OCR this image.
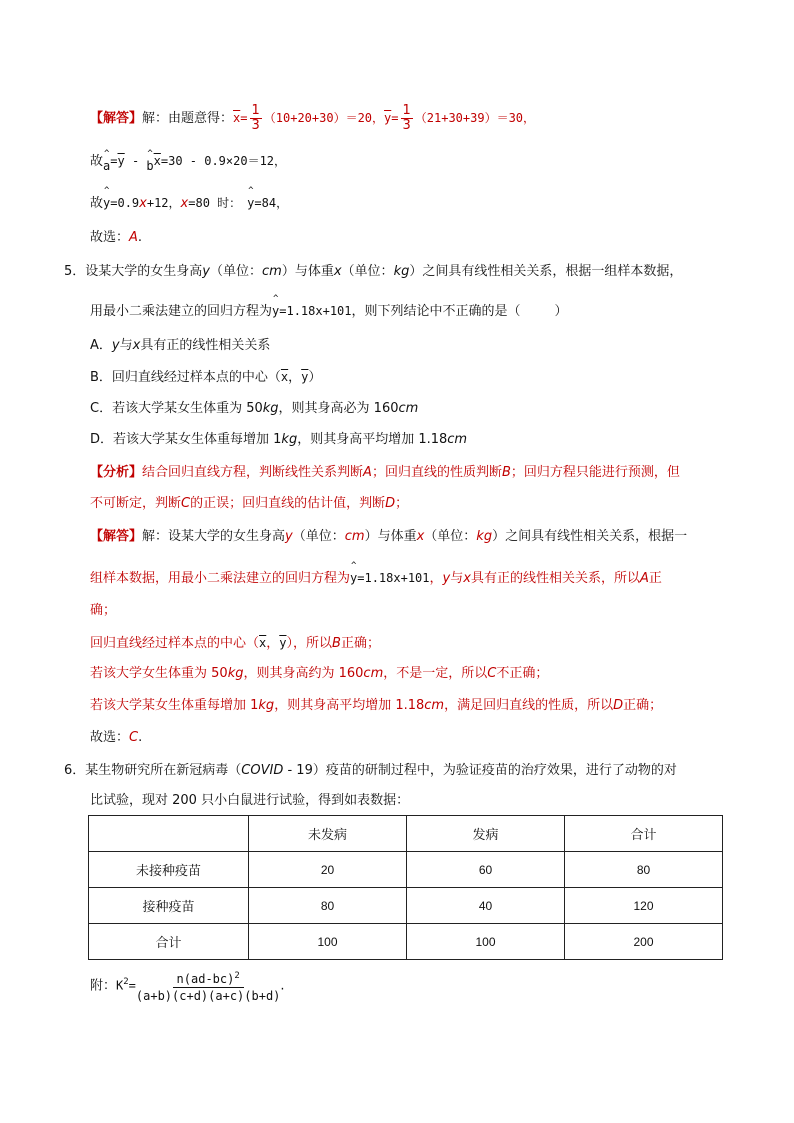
【解答】解：由题意得：$\overline{x}= \frac{1}{3} (10+20+30)=20$，$\overline{y}= \frac{1}{3} (21+30+39)=30$，
故^ $a=\overline{y}$ - ^ $b\overline{x}=30 - 0.9\times 20=12$，
故^ y=0.9x+12，x=80 时： ^ y=84，
故选：A.
5．设某大学的女生身高y（单位：cm）与体重x（单位：kg）之间具有线性相关关系，根据一组样本数据，
用最小二乘法建立的回归方程为^ y=1.18x+101，则下列结论中不正确的是（	）
A．y与x具有正的线性相关关系
B．回归直线经过样本点的中心（$\overline{x}$，$\overline{y}$）
C．若该大学某女生体重为 50kg，则其身高必为 160cm
D．若该大学某女生体重每增加 1kg，则其身高平均增加 1.18cm
【分析】结合回归直线方程，判断线性关系判断A；回归直线的性质判断B；回归方程只能进行预测，但
不可断定，判断C的正误；回归直线的估计值，判断D；
【解答】解：设某大学的女生身高y（单位：cm）与体重x（单位：kg）之间具有线性相关关系，根据一
组样本数据，用最小二乘法建立的回归方程为^ y=1.18x+101，y与x具有正的线性相关关系，所以A正
确；
回归直线经过样本点的中心（$\overline{x}$，$\overline{y}$），所以B正确；
若该大学女生体重为 50kg，则其身高约为 160cm，不是一定，所以C不正确；
若该大学某女生体重每增加 1kg，则其身高平均增加 1.18cm，满足回归直线的性质，所以D正确；
故选：C.
6．某生物研究所在新冠病毒（COVID - 19）疫苗的研制过程中，为验证疫苗的治疗效果，进行了动物的对
比试验，现对 200 只小白鼠进行试验，得到如表数据：
	未发病	发病	合计
未接种疫苗	20	60	80
接种疫苗	80	40	120
合计	100	100	200
附：$K^2= \frac{n(ad-bc)^2}{(a+b)(c+d)(a+c)(b+d)}$ .
